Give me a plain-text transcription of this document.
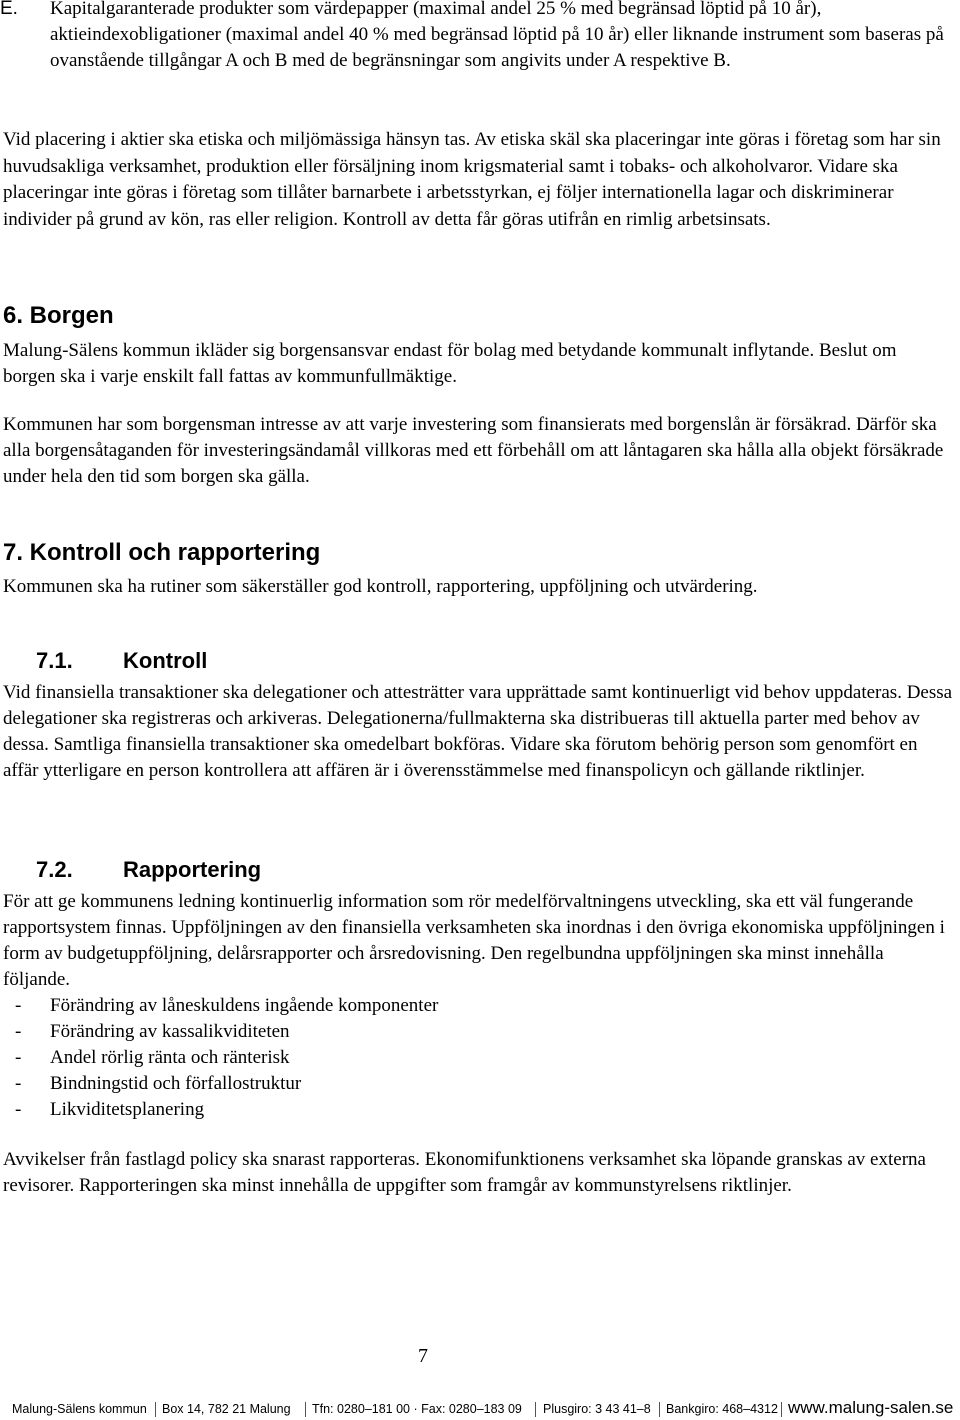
E. Kapitalgaranterade produkter som värdepapper (maximal andel 25 % med begränsad löptid på 10 år), aktieindexobligationer (maximal andel 40 % med begränsad löptid på 10 år) eller liknande instrument som baseras på ovanstående tillgångar A och B med de begränsningar som angivits under A respektive B.

Vid placering i aktier ska etiska och miljömässiga hänsyn tas. Av etiska skäl ska placeringar inte göras i företag som har sin huvudsakliga verksamhet, produktion eller försäljning inom krigsmaterial samt i tobaks- och alkoholvaror. Vidare ska placeringar inte göras i företag som tillåter barnarbete i arbetsstyrkan, ej följer internationella lagar och diskriminerar individer på grund av kön, ras eller religion. Kontroll av detta får göras utifrån en rimlig arbetsinsats.

6. Borgen

Malung-Sälens kommun ikläder sig borgensansvar endast för bolag med betydande kommunalt inflytande. Beslut om borgen ska i varje enskilt fall fattas av kommunfullmäktige.

Kommunen har som borgensman intresse av att varje investering som finansierats med borgenslån är försäkrad. Därför ska alla borgensåtaganden för investeringsändamål villkoras med ett förbehåll om att låntagaren ska hålla alla objekt försäkrade under hela den tid som borgen ska gälla.

7. Kontroll och rapportering

Kommunen ska ha rutiner som säkerställer god kontroll, rapportering, uppföljning och utvärdering.

7.1. Kontroll

Vid finansiella transaktioner ska delegationer och attesträtter vara upprättade samt kontinuerligt vid behov uppdateras. Dessa delegationer ska registreras och arkiveras. Delegationerna/fullmakterna ska distribueras till aktuella parter med behov av dessa. Samtliga finansiella transaktioner ska omedelbart bokföras. Vidare ska förutom behörig person som genomfört en affär ytterligare en person kontrollera att affären är i överensstämmelse med finanspolicyn och gällande riktlinjer.

7.2. Rapportering

För att ge kommunens ledning kontinuerlig information som rör medelförvaltningens utveckling, ska ett väl fungerande rapportsystem finnas. Uppföljningen av den finansiella verksamheten ska inordnas i den övriga ekonomiska uppföljningen i form av budgetuppföljning, delårsrapporter och årsredovisning. Den regelbundna uppföljningen ska minst innehålla följande.

- Förändring av låneskuldens ingående komponenter
- Förändring av kassalikviditeten
- Andel rörlig ränta och ränterisk
- Bindningstid och förfallostruktur
- Likviditetsplanering

Avvikelser från fastlagd policy ska snarast rapporteras. Ekonomifunktionens verksamhet ska löpande granskas av externa revisorer. Rapporteringen ska minst innehålla de uppgifter som framgår av kommunstyrelsens riktlinjer.

7
Malung-Sälens kommun Box 14, 782 21 Malung Tfn: 0280–181 00 · Fax: 0280–183 09 Plusgiro: 3 43 41–8 Bankgiro: 468–4312 www.malung-salen.se
